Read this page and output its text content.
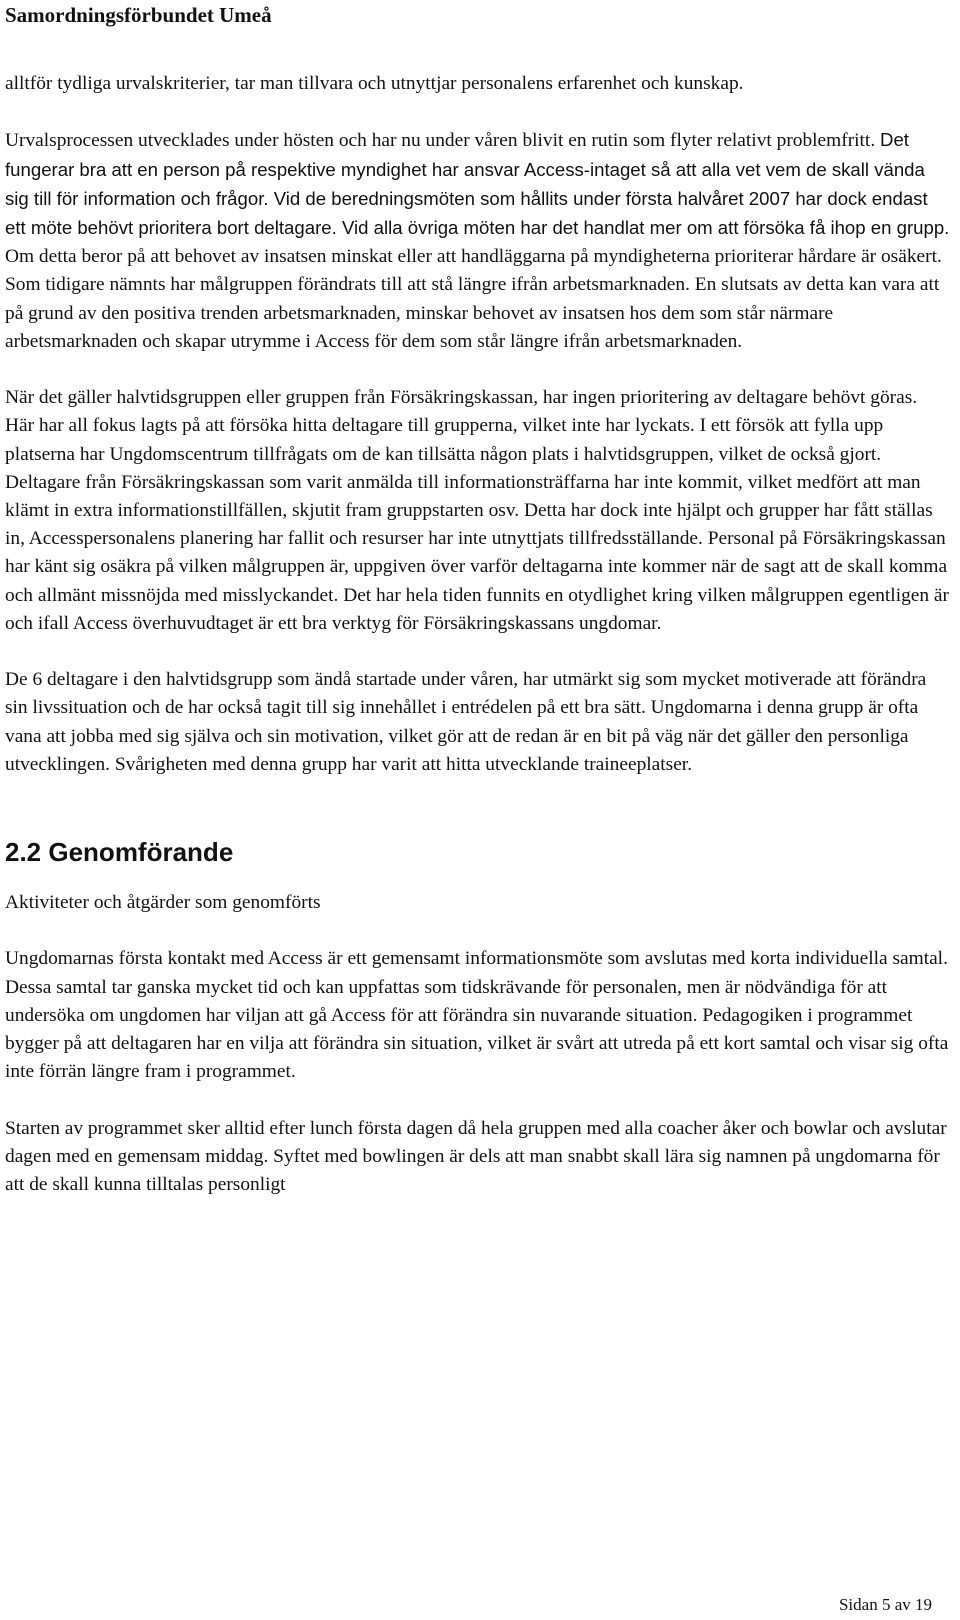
Samordningsförbundet Umeå

alltför tydliga urvalskriterier, tar man tillvara och utnyttjar personalens erfarenhet och kunskap.

Urvalsprocessen utvecklades under hösten och har nu under våren blivit en rutin som flyter relativt problemfritt. Det fungerar bra att en person på respektive myndighet har ansvar Access-intaget så att alla vet vem de skall vända sig till för information och frågor. Vid de beredningsmöten som hållits under första halvåret 2007 har dock endast ett möte behövt prioritera bort deltagare. Vid alla övriga möten har det handlat mer om att försöka få ihop en grupp. Om detta beror på att behovet av insatsen minskat eller att handläggarna på myndigheterna prioriterar hårdare är osäkert. Som tidigare nämnts har målgruppen förändrats till att stå längre ifrån arbetsmarknaden. En slutsats av detta kan vara att på grund av den positiva trenden arbetsmarknaden, minskar behovet av insatsen hos dem som står närmare arbetsmarknaden och skapar utrymme i Access för dem som står längre ifrån arbetsmarknaden.

När det gäller halvtidsgruppen eller gruppen från Försäkringskassan, har ingen prioritering av deltagare behövt göras. Här har all fokus lagts på att försöka hitta deltagare till grupperna, vilket inte har lyckats. I ett försök att fylla upp platserna har Ungdomscentrum tillfrågats om de kan tillsätta någon plats i halvtidsgruppen, vilket de också gjort. Deltagare från Försäkringskassan som varit anmälda till informationsträffarna har inte kommit, vilket medfört att man klämt in extra informationstillfällen, skjutit fram gruppstarten osv. Detta har dock inte hjälpt och grupper har fått ställas in, Accesspersonalens planering har fallit och resurser har inte utnyttjats tillfredsställande. Personal på Försäkringskassan har känt sig osäkra på vilken målgruppen är, uppgiven över varför deltagarna inte kommer när de sagt att de skall komma och allmänt missnöjda med misslyckandet. Det har hela tiden funnits en otydlighet kring vilken målgruppen egentligen är och ifall Access överhuvudtaget är ett bra verktyg för Försäkringskassans ungdomar.

De 6 deltagare i den halvtidsgrupp som ändå startade under våren, har utmärkt sig som mycket motiverade att förändra sin livssituation och de har också tagit till sig innehållet i entrédelen på ett bra sätt. Ungdomarna i denna grupp är ofta vana att jobba med sig själva och sin motivation, vilket gör att de redan är en bit på väg när det gäller den personliga utvecklingen. Svårigheten med denna grupp har varit att hitta utvecklande traineeplatser.

2.2 Genomförande

Aktiviteter och åtgärder som genomförts

Ungdomarnas första kontakt med Access är ett gemensamt informationsmöte som avslutas med korta individuella samtal. Dessa samtal tar ganska mycket tid och kan uppfattas som tidskrävande för personalen, men är nödvändiga för att undersöka om ungdomen har viljan att gå Access för att förändra sin nuvarande situation. Pedagogiken i programmet bygger på att deltagaren har en vilja att förändra sin situation, vilket är svårt att utreda på ett kort samtal och visar sig ofta inte förrän längre fram i programmet.

Starten av programmet sker alltid efter lunch första dagen då hela gruppen med alla coacher åker och bowlar och avslutar dagen med en gemensam middag. Syftet med bowlingen är dels att man snabbt skall lära sig namnen på ungdomarna för att de skall kunna tilltalas personligt

Sidan 5 av 19
